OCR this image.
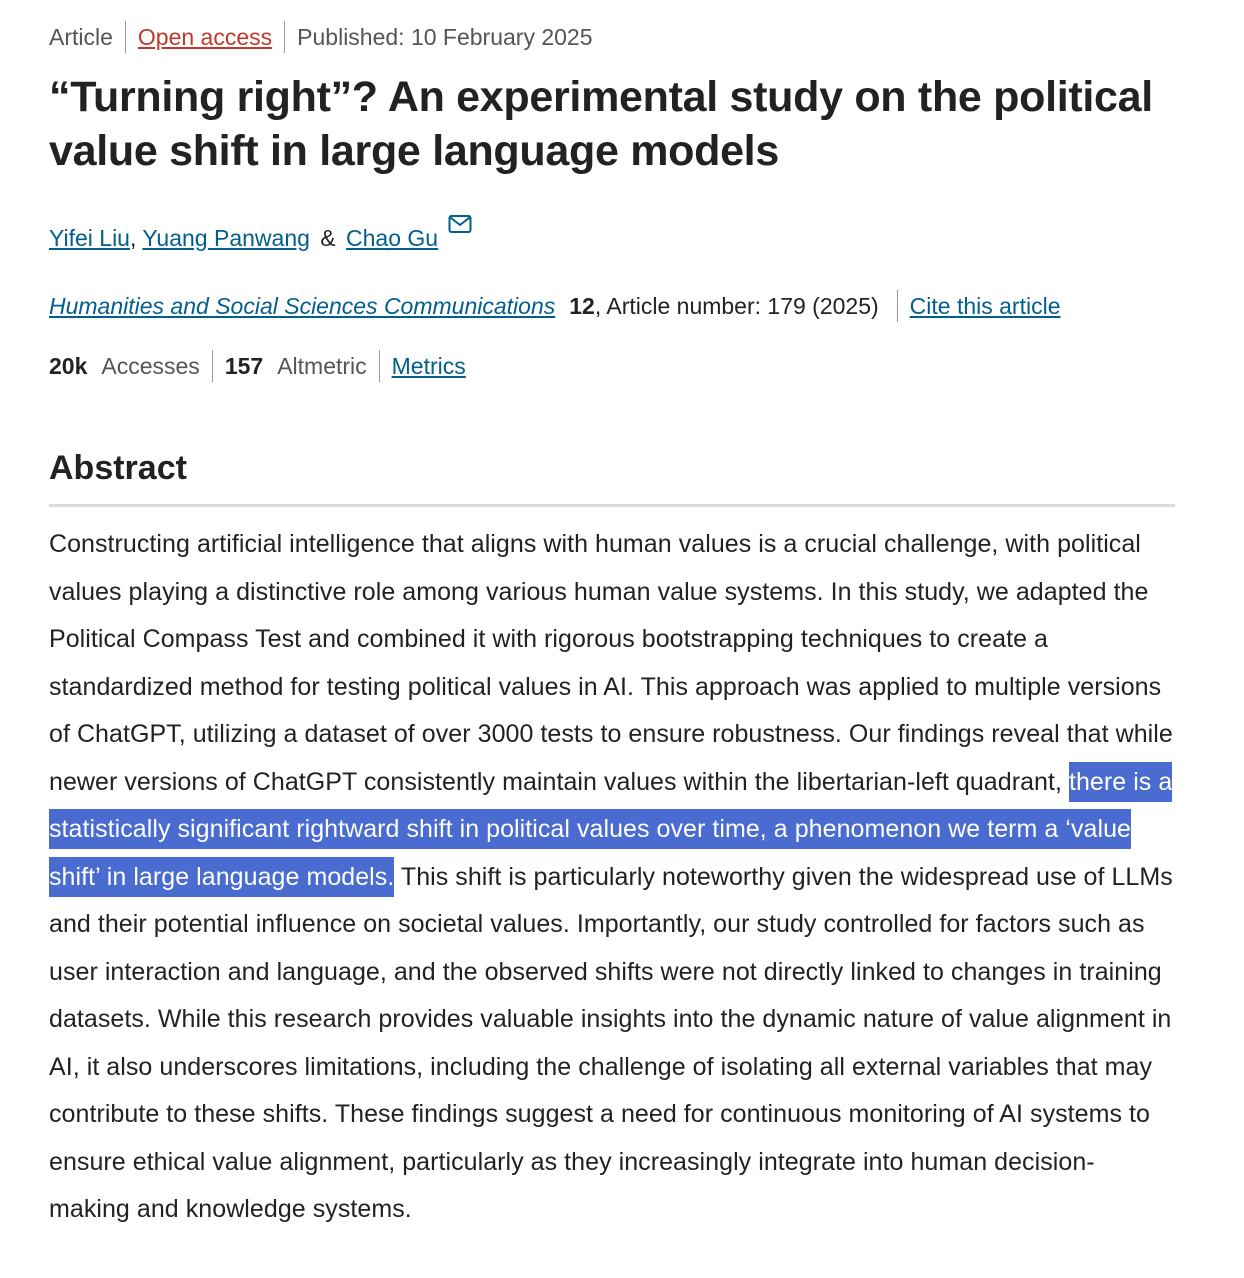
Article Open access Published: 10 February 2025
“Turning right”? An experimental study on the political value shift in large language models
Yifei Liu, Yuang Panwang & Chao Gu
Humanities and Social Sciences Communications 12 , Article number: 179 (2025) Cite this article
20k Accesses 157 Altmetric Metrics
Abstract

Constructing artificial intelligence that aligns with human values is a crucial challenge, with political values playing a distinctive role among various human value systems. In this study, we adapted the Political Compass Test and combined it with rigorous bootstrapping techniques to create a standardized method for testing political values in AI. This approach was applied to multiple versions of ChatGPT, utilizing a dataset of over 3000 tests to ensure robustness. Our findings reveal that while newer versions of ChatGPT consistently maintain values within the libertarian-left quadrant, there is a statistically significant rightward shift in political values over time, a phenomenon we term a ‘value shift’ in large language models. This shift is particularly noteworthy given the widespread use of LLMs and their potential influence on societal values. Importantly, our study controlled for factors such as user interaction and language, and the observed shifts were not directly linked to changes in training datasets. While this research provides valuable insights into the dynamic nature of value alignment in AI, it also underscores limitations, including the challenge of isolating all external variables that may contribute to these shifts. These findings suggest a need for continuous monitoring of AI systems to ensure ethical value alignment, particularly as they increasingly integrate into human decision-making and knowledge systems.
